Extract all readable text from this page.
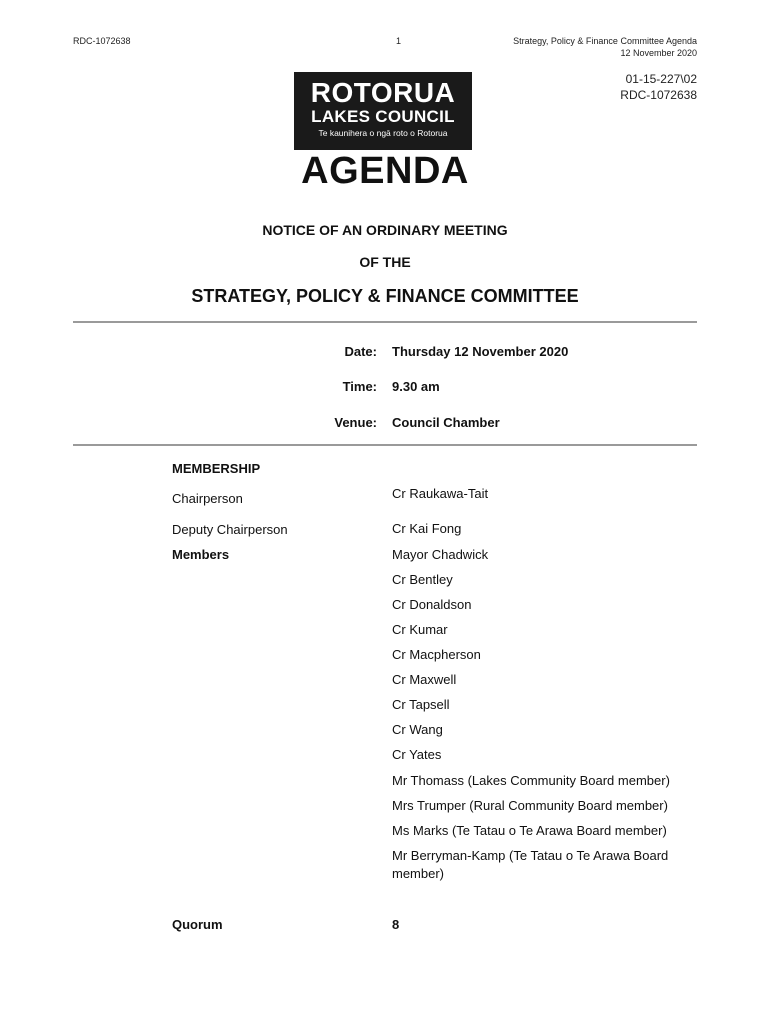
RDC-1072638	1	Strategy, Policy & Finance Committee Agenda
12 November 2020
01-15-227\02
RDC-1072638
ROTORUA
LAKES COUNCIL
Te kaunihera o ngā roto o Rotorua
AGENDA
NOTICE OF AN ORDINARY MEETING
OF THE
STRATEGY, POLICY & FINANCE COMMITTEE
Date: Thursday 12 November 2020
Time: 9.30 am
Venue: Council Chamber
MEMBERSHIP
Chairperson	Cr Raukawa-Tait
Deputy Chairperson	Cr Kai Fong
Members	Mayor Chadwick
Cr Bentley
Cr Donaldson
Cr Kumar
Cr Macpherson
Cr Maxwell
Cr Tapsell
Cr Wang
Cr Yates
Mr Thomass (Lakes Community Board member)
Mrs Trumper (Rural Community Board member)
Ms Marks (Te Tatau o Te Arawa Board member)
Mr Berryman-Kamp (Te Tatau o Te Arawa Board member)
Quorum	8
